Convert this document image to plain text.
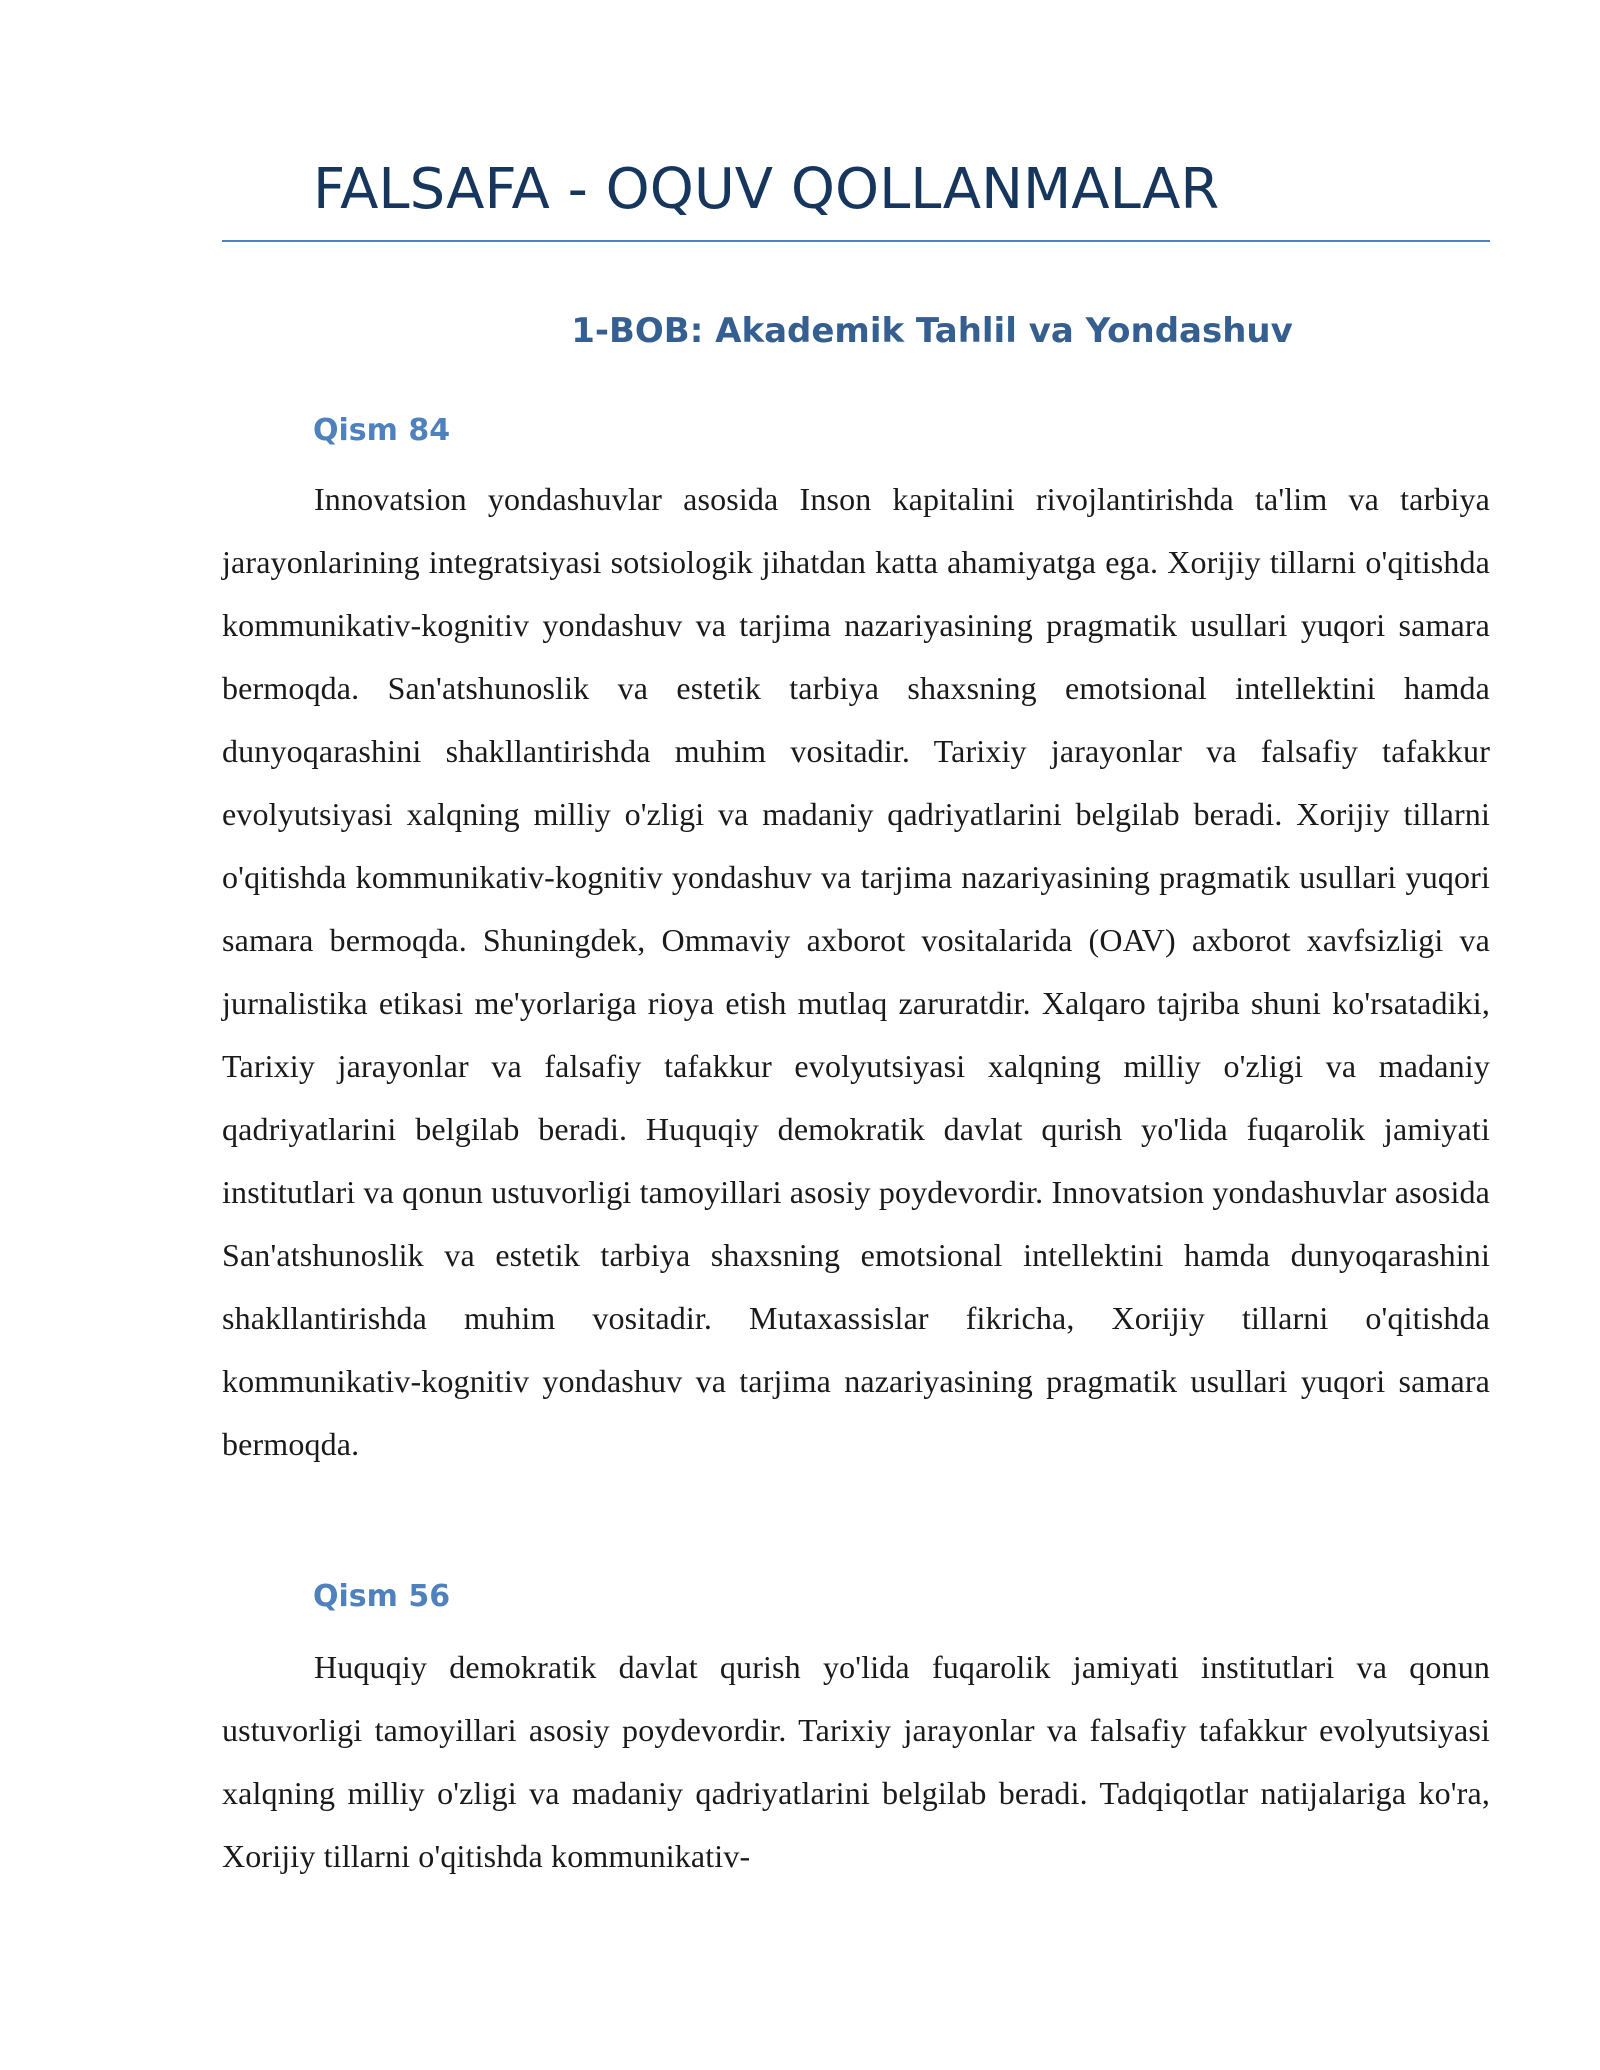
FALSAFA - OQUV QOLLANMALAR
1-BOB: Akademik Tahlil va Yondashuv
Qism 84

Innovatsion yondashuvlar asosida Inson kapitalini rivojlantirishda ta'lim va tarbiya jarayonlarining integratsiyasi sotsiologik jihatdan katta ahamiyatga ega. Xorijiy tillarni o'qitishda kommunikativ-kognitiv yondashuv va tarjima nazariyasining pragmatik usullari yuqori samara bermoqda. San'atshunoslik va estetik tarbiya shaxsning emotsional intellektini hamda dunyoqarashini shakllantirishda muhim vositadir. Tarixiy jarayonlar va falsafiy tafakkur evolyutsiyasi xalqning milliy o'zligi va madaniy qadriyatlarini belgilab beradi. Xorijiy tillarni o'qitishda kommunikativ-kognitiv yondashuv va tarjima nazariyasining pragmatik usullari yuqori samara bermoqda. Shuningdek, Ommaviy axborot vositalarida (OAV) axborot xavfsizligi va jurnalistika etikasi me'yorlariga rioya etish mutlaq zaruratdir. Xalqaro tajriba shuni ko'rsatadiki, Tarixiy jarayonlar va falsafiy tafakkur evolyutsiyasi xalqning milliy o'zligi va madaniy qadriyatlarini belgilab beradi. Huquqiy demokratik davlat qurish yo'lida fuqarolik jamiyati institutlari va qonun ustuvorligi tamoyillari asosiy poydevordir. Innovatsion yondashuvlar asosida San'atshunoslik va estetik tarbiya shaxsning emotsional intellektini hamda dunyoqarashini shakllantirishda muhim vositadir. Mutaxassislar fikricha, Xorijiy tillarni o'qitishda kommunikativ-kognitiv yondashuv va tarjima nazariyasining pragmatik usullari yuqori samara bermoqda.

Qism 56

Huquqiy demokratik davlat qurish yo'lida fuqarolik jamiyati institutlari va qonun ustuvorligi tamoyillari asosiy poydevordir. Tarixiy jarayonlar va falsafiy tafakkur evolyutsiyasi xalqning milliy o'zligi va madaniy qadriyatlarini belgilab beradi. Tadqiqotlar natijalariga ko'ra, Xorijiy tillarni o'qitishda kommunikativ-
